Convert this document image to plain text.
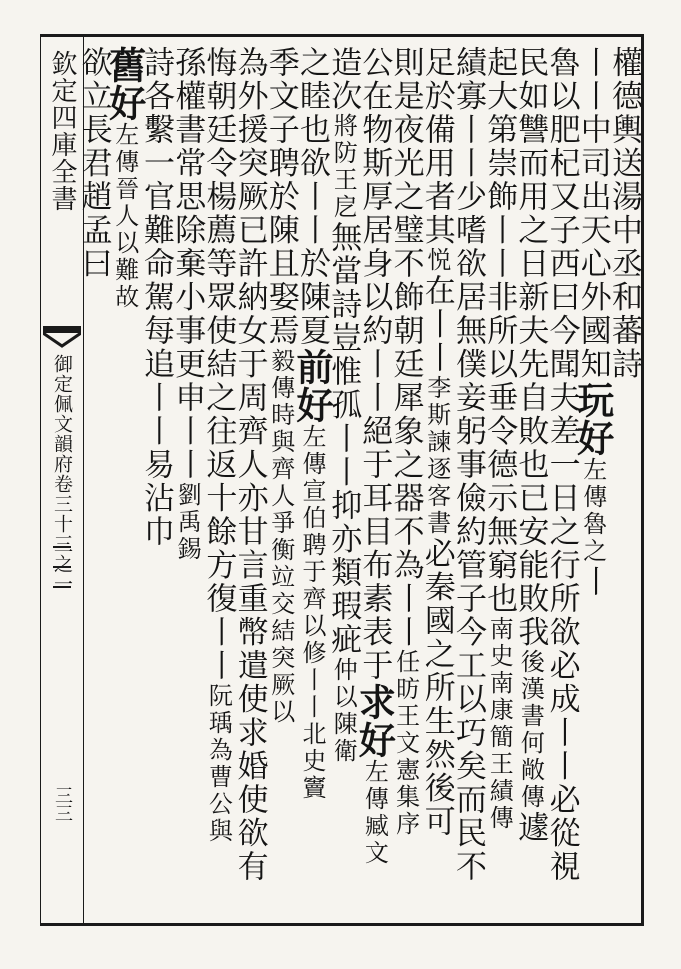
欽定四庫全書
御定佩文韻府卷三十三之一
三三
權德輿送湯中丞和蕃詩
丨丨中司出天心外國知
玩好
左傳魯之
丨
魯以肥杞又子西曰今聞夫差一日之行所欲必成丨丨必從視
民如讐而用之日新夫先自敗也已安能敗我
後漢書何敞傳
遽
起大第崇飾丨丨非所以垂令德示無窮也
南史南康簡王績傳
績寡丨丨少嗜欲居無僕妾躬事儉約管子今工以巧矣而民不
足於備用者其
悦
在丨丨
李斯諫逐客書
必秦國之所生然後可
則是夜光之璧不飾朝廷犀象之器不為丨丨
任昉王文憲集序
公在物斯厚居身以約丨丨絕于耳目布素表于
求好
左傳臧文
造次
將防王戹
無當詩豈惟孤丨丨抑亦類瑕疵
仲以陳衛
之睦也欲丨丨於陳夏
前好
左傳宣伯聘于齊以修丨丨
北史竇
季文子聘於陳且娶焉
毅傳時與齊人爭衡竝交結突厥以
為外援突厥已許納女于周齊人亦甘言重幣遣使求婚使欲有
悔朝廷令楊薦等眾使結之往返十餘方復丨丨
阮瑀為曹公與
孫權書常思除棄小事更申丨丨
劉禹錫
詩各繫一官難命駕每追丨丨易沾巾
舊好
左傳晉人以難故
欲立長君趙孟曰
